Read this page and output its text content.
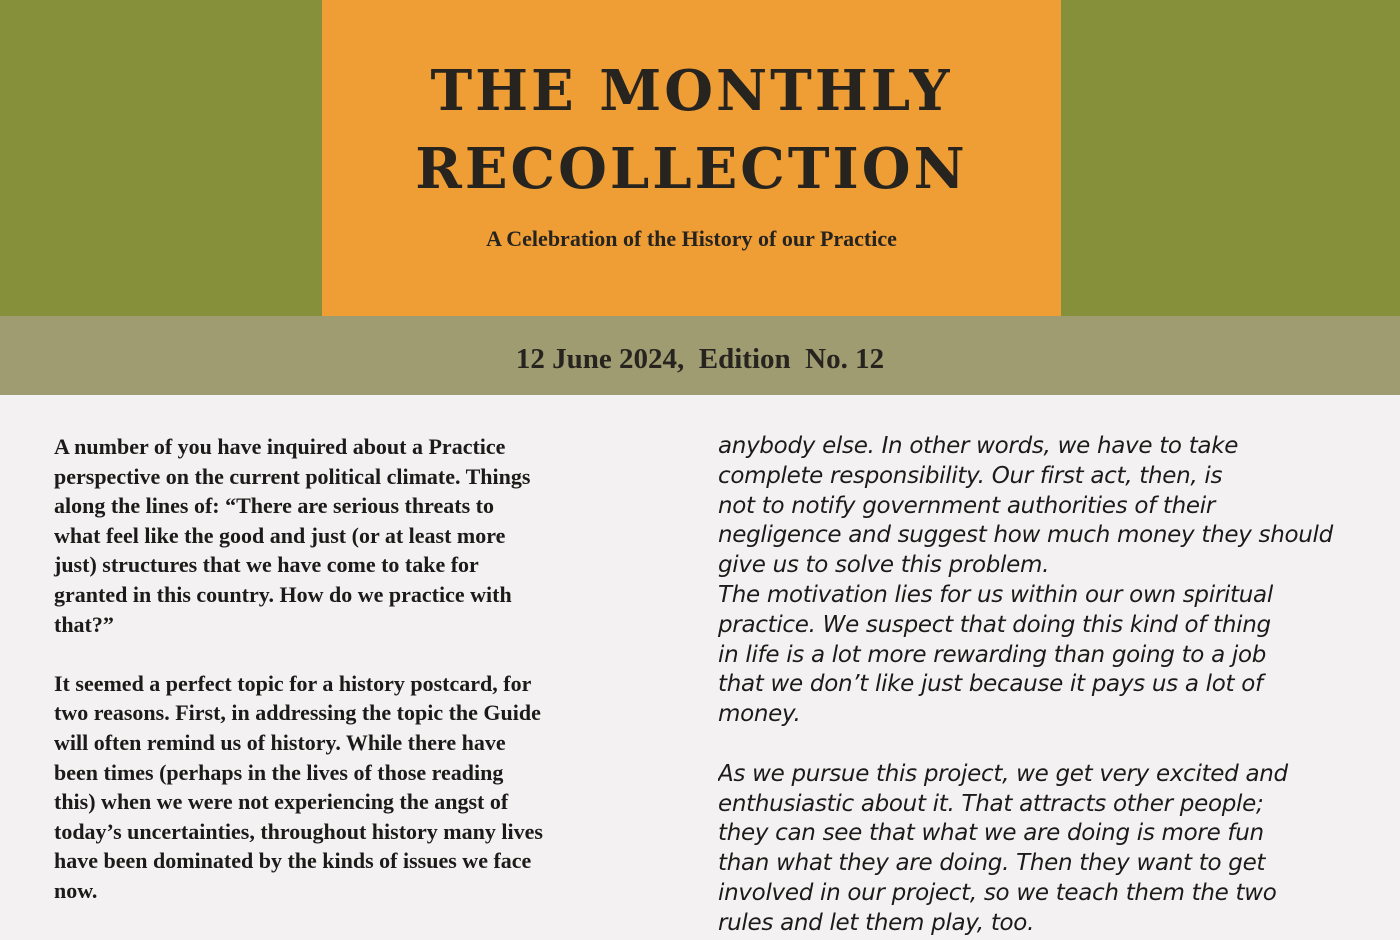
THE MONTHLY
RECOLLECTION
A Celebration of the History of our Practice
12 June 2024, Edition No. 12

A number of you have inquired about a Practice
perspective on the current political climate. Things
along the lines of: “There are serious threats to
what feel like the good and just (or at least more
just) structures that we have come to take for
granted in this country. How do we practice with
that?”

It seemed a perfect topic for a history postcard, for
two reasons. First, in addressing the topic the Guide
will often remind us of history. While there have
been times (perhaps in the lives of those reading
this) when we were not experiencing the angst of
today’s uncertainties, throughout history many lives
have been dominated by the kinds of issues we face
now.

anybody else. In other words, we have to take
complete responsibility. Our first act, then, is
not to notify government authorities of their
negligence and suggest how much money they should
give us to solve this problem.

The motivation lies for us within our own spiritual
practice. We suspect that doing this kind of thing
in life is a lot more rewarding than going to a job
that we don’t like just because it pays us a lot of
money.

As we pursue this project, we get very excited and
enthusiastic about it. That attracts other people;
they can see that what we are doing is more fun
than what they are doing. Then they want to get
involved in our project, so we teach them the two
rules and let them play, too.
